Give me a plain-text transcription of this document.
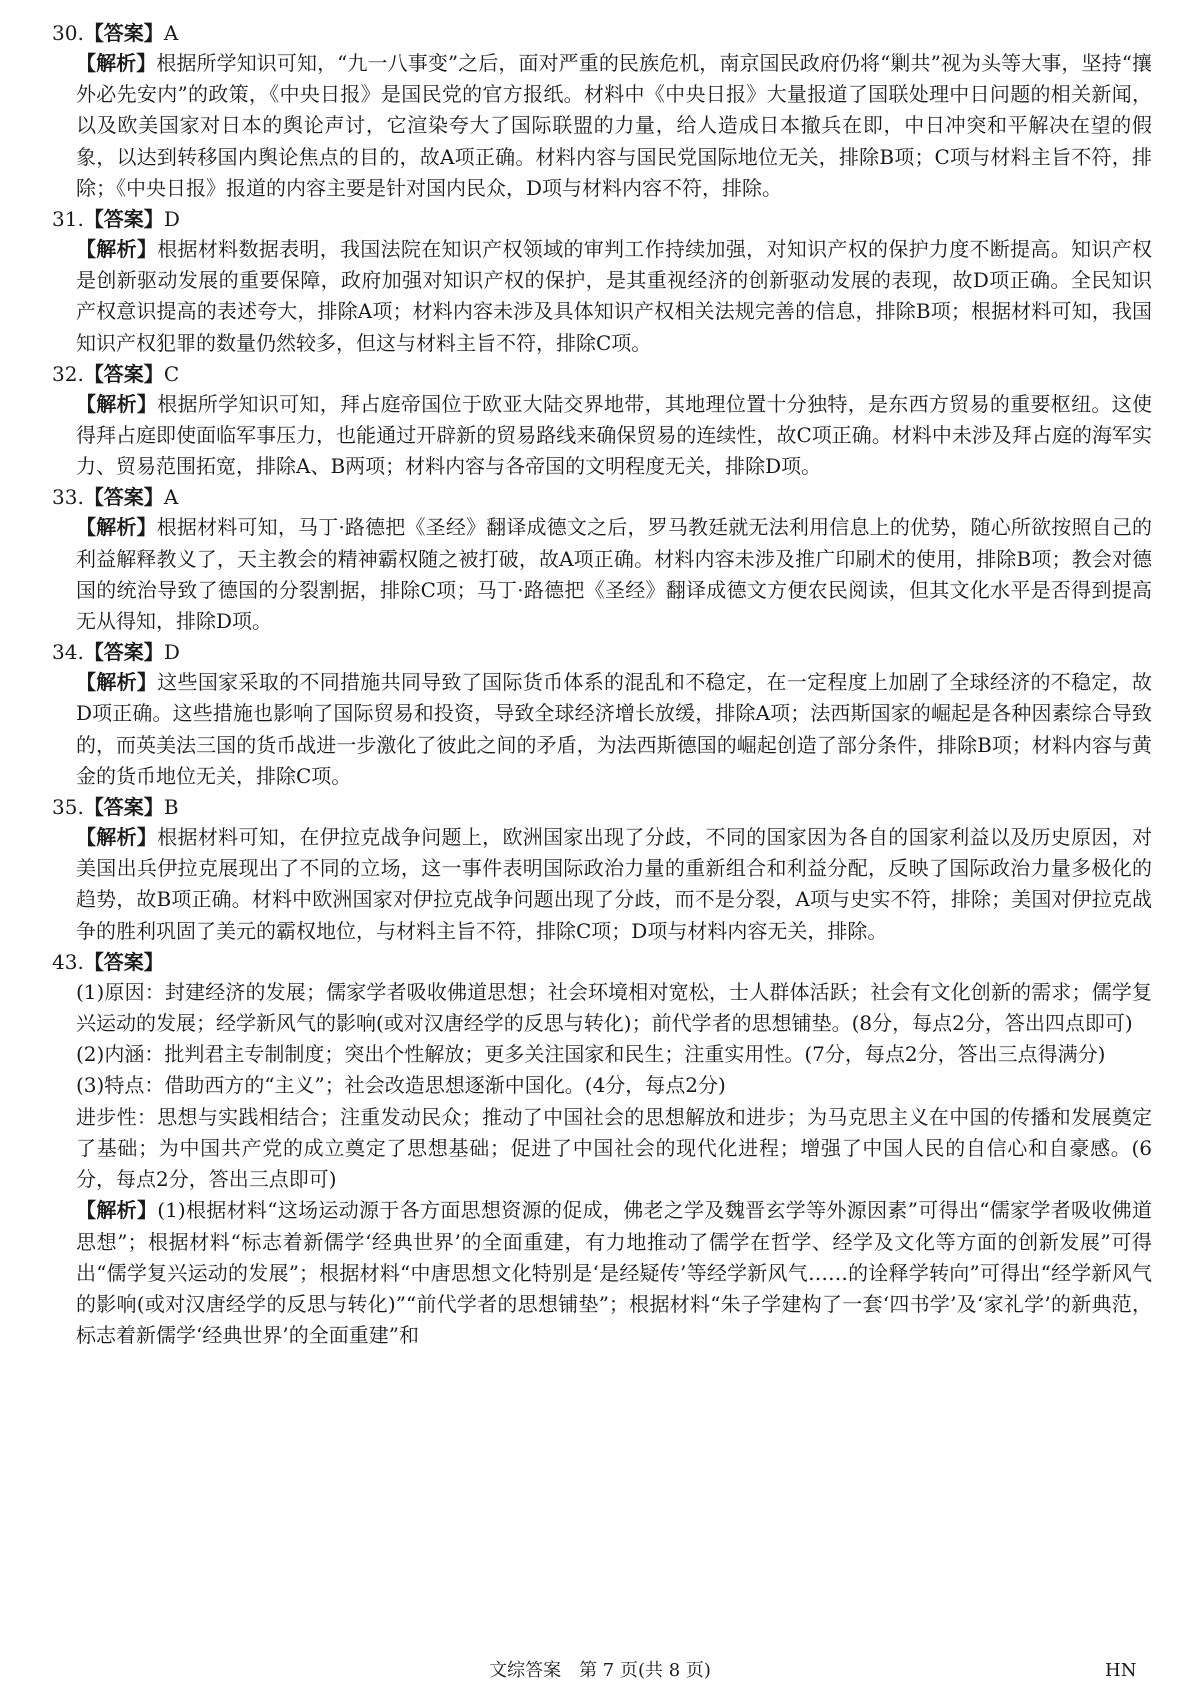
30.【答案】A

【解析】根据所学知识可知，“九一八事变”之后，面对严重的民族危机，南京国民政府仍将“剿共”视为头等大事，坚持“攘外必先安内”的政策，《中央日报》是国民党的官方报纸。材料中《中央日报》大量报道了国联处理中日问题的相关新闻，以及欧美国家对日本的舆论声讨，它渲染夸大了国际联盟的力量，给人造成日本撤兵在即，中日冲突和平解决在望的假象，以达到转移国内舆论焦点的目的，故A项正确。材料内容与国民党国际地位无关，排除B项；C项与材料主旨不符，排除；《中央日报》报道的内容主要是针对国内民众，D项与材料内容不符，排除。

31.【答案】D

【解析】根据材料数据表明，我国法院在知识产权领域的审判工作持续加强，对知识产权的保护力度不断提高。知识产权是创新驱动发展的重要保障，政府加强对知识产权的保护，是其重视经济的创新驱动发展的表现，故D项正确。全民知识产权意识提高的表述夸大，排除A项；材料内容未涉及具体知识产权相关法规完善的信息，排除B项；根据材料可知，我国知识产权犯罪的数量仍然较多，但这与材料主旨不符，排除C项。

32.【答案】C

【解析】根据所学知识可知，拜占庭帝国位于欧亚大陆交界地带，其地理位置十分独特，是东西方贸易的重要枢纽。这使得拜占庭即使面临军事压力，也能通过开辟新的贸易路线来确保贸易的连续性，故C项正确。材料中未涉及拜占庭的海军实力、贸易范围拓宽，排除A、B两项；材料内容与各帝国的文明程度无关，排除D项。

33.【答案】A

【解析】根据材料可知，马丁·路德把《圣经》翻译成德文之后，罗马教廷就无法利用信息上的优势，随心所欲按照自己的利益解释教义了，天主教会的精神霸权随之被打破，故A项正确。材料内容未涉及推广印刷术的使用，排除B项；教会对德国的统治导致了德国的分裂割据，排除C项；马丁·路德把《圣经》翻译成德文方便农民阅读，但其文化水平是否得到提高无从得知，排除D项。

34.【答案】D

【解析】这些国家采取的不同措施共同导致了国际货币体系的混乱和不稳定，在一定程度上加剧了全球经济的不稳定，故D项正确。这些措施也影响了国际贸易和投资，导致全球经济增长放缓，排除A项；法西斯国家的崛起是各种因素综合导致的，而英美法三国的货币战进一步激化了彼此之间的矛盾，为法西斯德国的崛起创造了部分条件，排除B项；材料内容与黄金的货币地位无关，排除C项。

35.【答案】B

【解析】根据材料可知，在伊拉克战争问题上，欧洲国家出现了分歧，不同的国家因为各自的国家利益以及历史原因，对美国出兵伊拉克展现出了不同的立场，这一事件表明国际政治力量的重新组合和利益分配，反映了国际政治力量多极化的趋势，故B项正确。材料中欧洲国家对伊拉克战争问题出现了分歧，而不是分裂，A项与史实不符，排除；美国对伊拉克战争的胜利巩固了美元的霸权地位，与材料主旨不符，排除C项；D项与材料内容无关，排除。

43.【答案】

(1)原因：封建经济的发展；儒家学者吸收佛道思想；社会环境相对宽松，士人群体活跃；社会有文化创新的需求；儒学复兴运动的发展；经学新风气的影响(或对汉唐经学的反思与转化)；前代学者的思想铺垫。(8分，每点2分，答出四点即可)

(2)内涵：批判君主专制制度；突出个性解放；更多关注国家和民生；注重实用性。(7分，每点2分，答出三点得满分)

(3)特点：借助西方的“主义”；社会改造思想逐渐中国化。(4分，每点2分)

进步性：思想与实践相结合；注重发动民众；推动了中国社会的思想解放和进步；为马克思主义在中国的传播和发展奠定了基础；为中国共产党的成立奠定了思想基础；促进了中国社会的现代化进程；增强了中国人民的自信心和自豪感。(6分，每点2分，答出三点即可)

【解析】(1)根据材料“这场运动源于各方面思想资源的促成，佛老之学及魏晋玄学等外源因素”可得出“儒家学者吸收佛道思想”；根据材料“标志着新儒学‘经典世界’的全面重建，有力地推动了儒学在哲学、经学及文化等方面的创新发展”可得出“儒学复兴运动的发展”；根据材料“中唐思想文化特别是‘是经疑传’等经学新风气……的诠释学转向”可得出“经学新风气的影响(或对汉唐经学的反思与转化)”“前代学者的思想铺垫”；根据材料“朱子学建构了一套‘四书学’及‘家礼学’的新典范，标志着新儒学‘经典世界’的全面重建”和

文综答案　第 7 页(共 8 页)	HN
